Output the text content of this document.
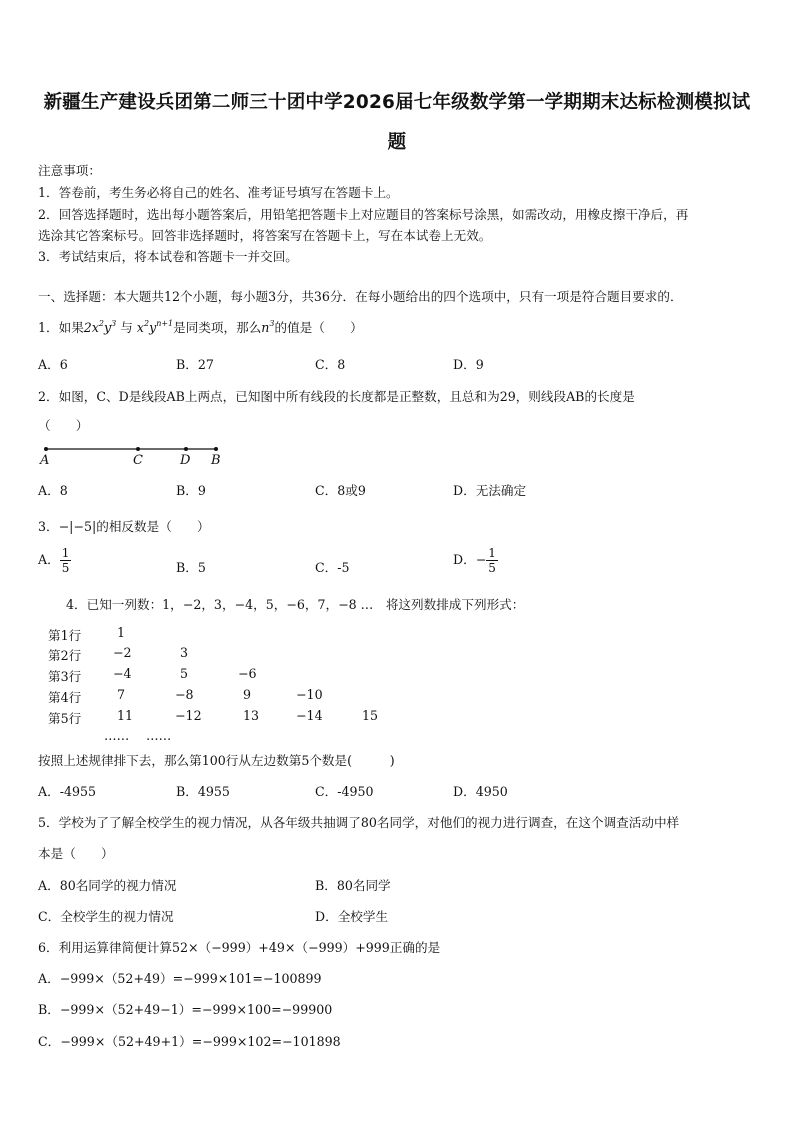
新疆生产建设兵团第二师三十团中学2026届七年级数学第一学期期末达标检测模拟试
题
注意事项：
1．答卷前，考生务必将自己的姓名、准考证号填写在答题卡上。
2．回答选择题时，选出每小题答案后，用铅笔把答题卡上对应题目的答案标号涂黑，如需改动，用橡皮擦干净后，再
选涂其它答案标号。回答非选择题时，将答案写在答题卡上，写在本试卷上无效。
3．考试结束后，将本试卷和答题卡一并交回。
一、选择题：本大题共12个小题，每小题3分，共36分．在每小题给出的四个选项中，只有一项是符合题目要求的．
1．如果$2x^2y^3$ 与 $x^2y^{n+1}$是同类项，那么$n^3$的值是（　　）
A．6	B．27	C．8	D．9
2．如图，C、D是线段AB上两点，已知图中所有线段的长度都是正整数，且总和为29，则线段AB的长度是
（　　）
A	C	D B
A．8	B．9	C．8或9	D．无法确定
3．−|−5|的相反数是（　　）
A． $\frac{1}{5}$	B．5	C．-5
D．− $\frac{1}{5}$
4．已知一列数：1，−2，3，−4，5，−6，7，−8 …　将这列数排成下列形式：
第1行	1
第2行	−2	3
第3行	−4	5	−6
第4行	7	−8	9	−10
第5行	11	−12	13	−14	15
…… ……
按照上述规律排下去，那么第100行从左边数第5个数是(　　　)
A．-4955	B．4955	C．-4950	D．4950
5．学校为了了解全校学生的视力情况，从各年级共抽调了80名同学，对他们的视力进行调查，在这个调查活动中样
本是（　　）
A．80名同学的视力情况	B．80名同学
C．全校学生的视力情况	D．全校学生
6．利用运算律简便计算52×（−999）+49×（−999）+999正确的是
A．−999×（52+49）=−999×101=−100899
B．−999×（52+49−1）=−999×100=−99900
C．−999×（52+49+1）=−999×102=−101898
